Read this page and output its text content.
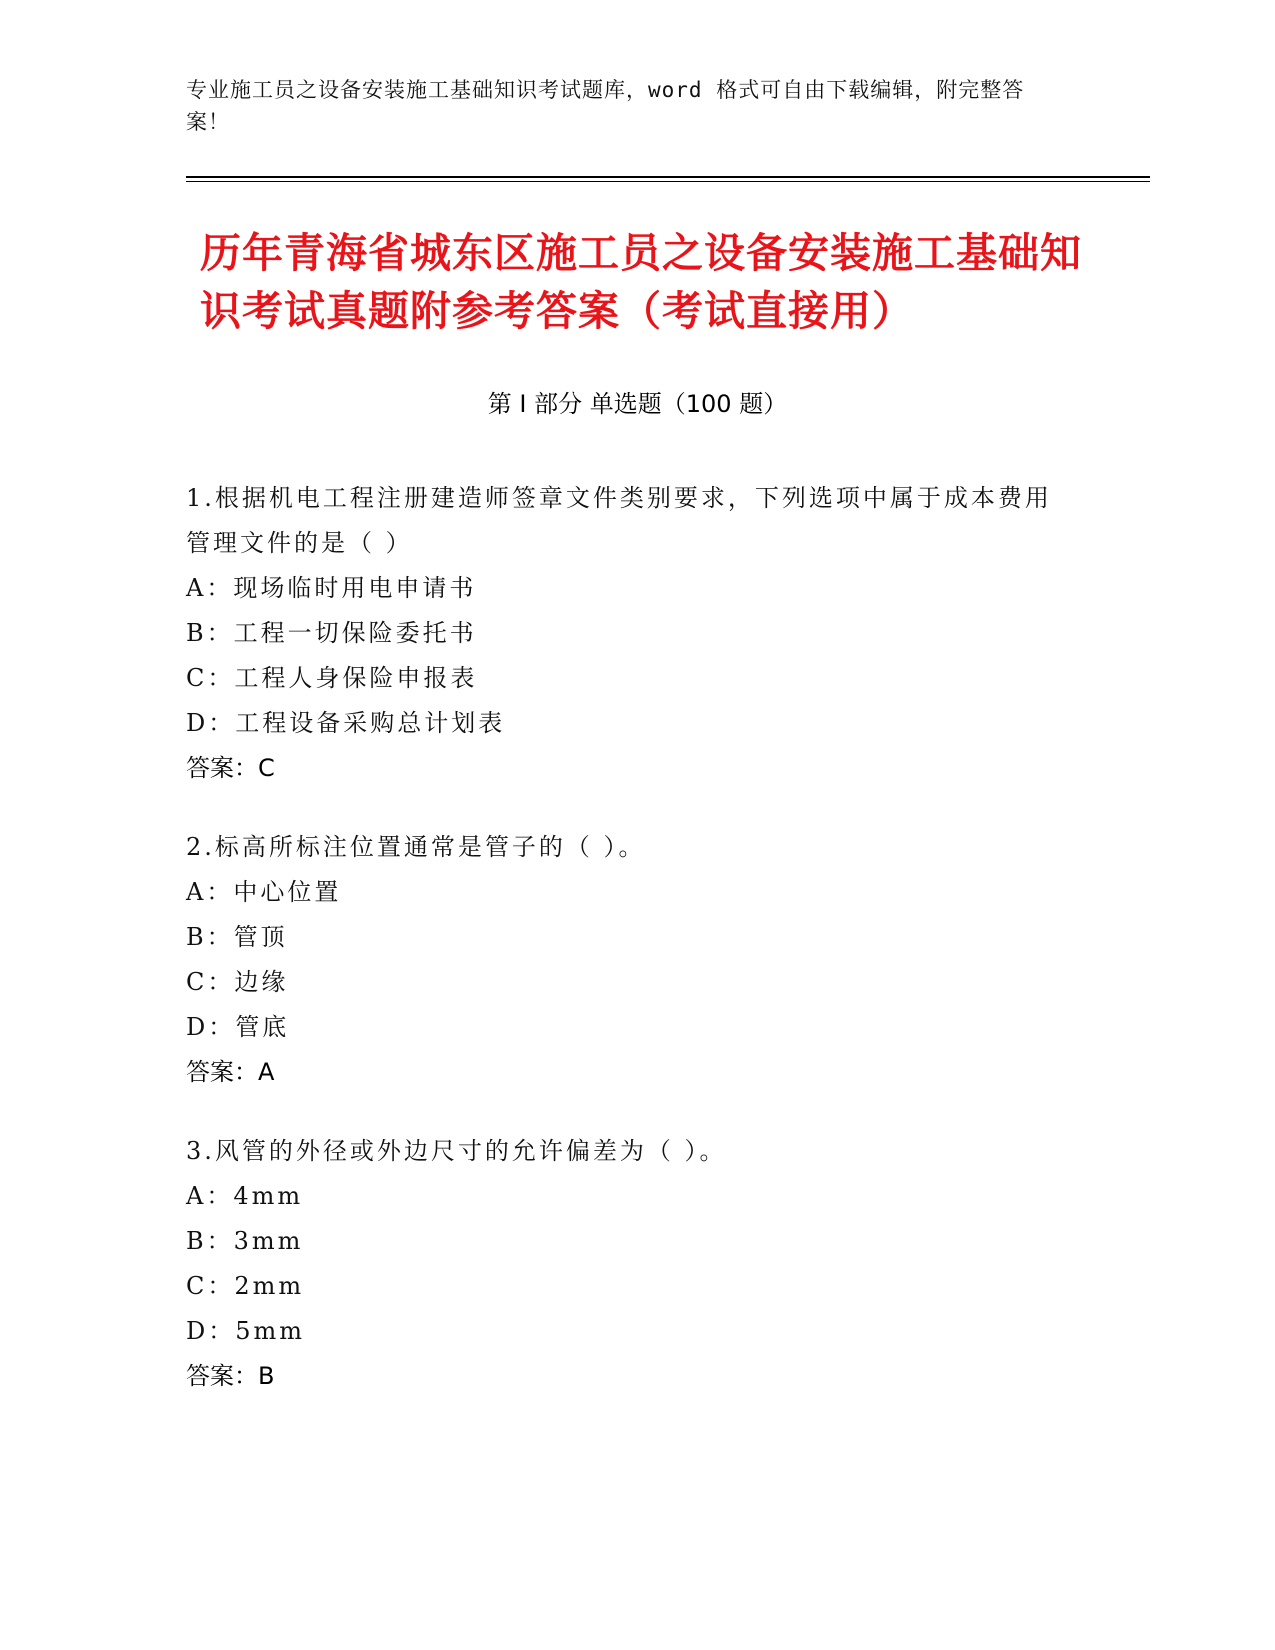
专业施工员之设备安装施工基础知识考试题库，word 格式可自由下载编辑，附完整答案！
历年青海省城东区施工员之设备安装施工基础知识考试真题附参考答案（考试直接用）
第 I 部分 单选题（100 题）

1.根据机电工程注册建造师签章文件类别要求，下列选项中属于成本费用管理文件的是（ ）

A：现场临时用电申请书

B：工程一切保险委托书

C：工程人身保险申报表

D：工程设备采购总计划表

答案：C

2.标高所标注位置通常是管子的（ ）。

A：中心位置

B：管顶

C：边缘

D：管底

答案：A

3.风管的外径或外边尺寸的允许偏差为（ ）。

A：4mm

B：3mm

C：2mm

D：5mm

答案：B
